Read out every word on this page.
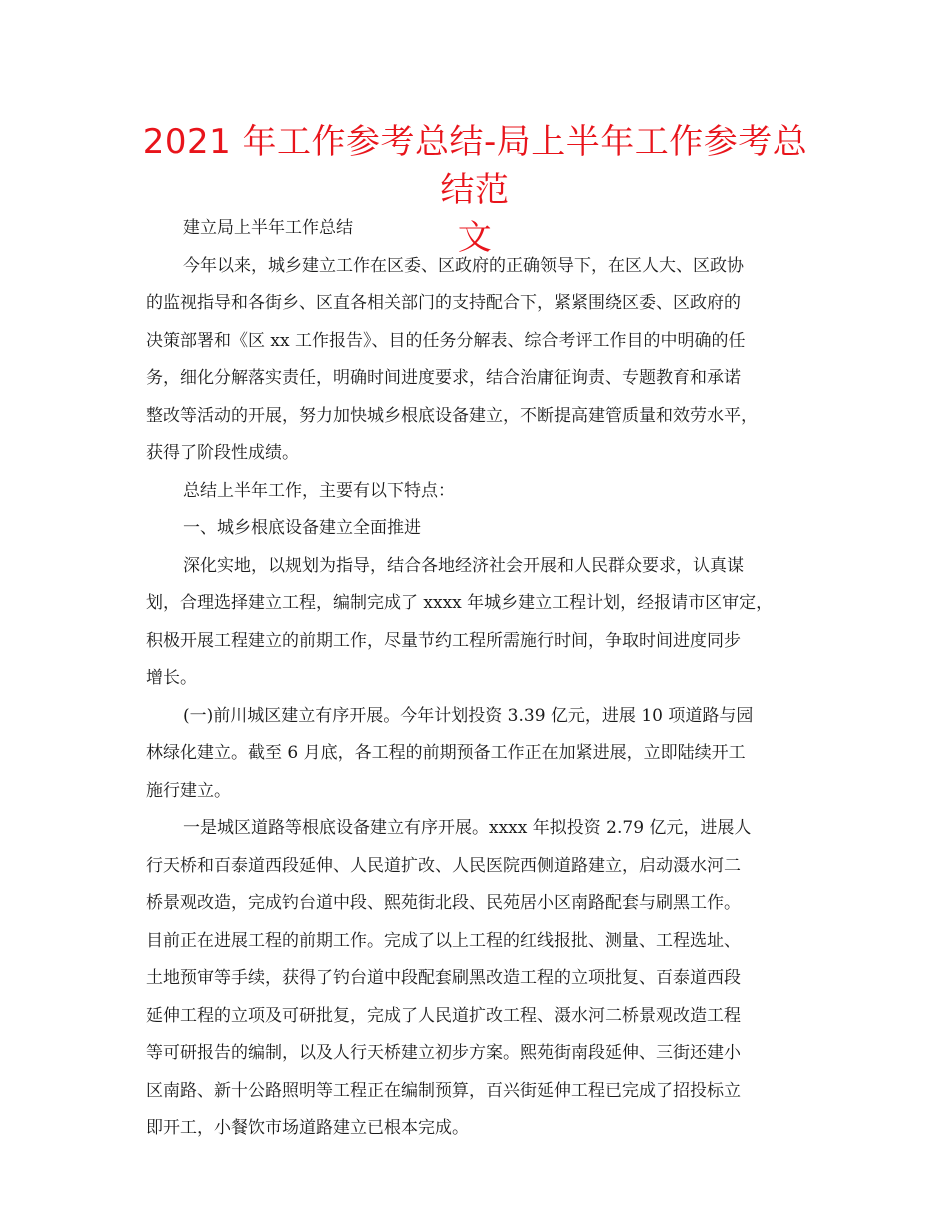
2021 年工作参考总结-局上半年工作参考总结范
文
建立局上半年工作总结
今年以来，城乡建立工作在区委、区政府的正确领导下，在区人大、区政协
的监视指导和各街乡、区直各相关部门的支持配合下，紧紧围绕区委、区政府的
决策部署和《区 xx 工作报告》、目的任务分解表、综合考评工作目的中明确的任
务，细化分解落实责任，明确时间进度要求，结合治庸征询责、专题教育和承诺
整改等活动的开展，努力加快城乡根底设备建立，不断提高建管质量和效劳水平，
获得了阶段性成绩。
总结上半年工作，主要有以下特点：
一、城乡根底设备建立全面推进
深化实地，以规划为指导，结合各地经济社会开展和人民群众要求，认真谋
划，合理选择建立工程，编制完成了 xxxx 年城乡建立工程计划，经报请市区审定，
积极开展工程建立的前期工作，尽量节约工程所需施行时间，争取时间进度同步
增长。
(一)前川城区建立有序开展。今年计划投资 3.39 亿元，进展 10 项道路与园
林绿化建立。截至 6 月底，各工程的前期预备工作正在加紧进展，立即陆续开工
施行建立。
一是城区道路等根底设备建立有序开展。xxxx 年拟投资 2.79 亿元，进展人
行天桥和百泰道西段延伸、人民道扩改、人民医院西侧道路建立，启动滠水河二
桥景观改造，完成钓台道中段、熙苑街北段、民苑居小区南路配套与刷黑工作。
目前正在进展工程的前期工作。完成了以上工程的红线报批、测量、工程选址、
土地预审等手续，获得了钓台道中段配套刷黑改造工程的立项批复、百泰道西段
延伸工程的立项及可研批复，完成了人民道扩改工程、滠水河二桥景观改造工程
等可研报告的编制，以及人行天桥建立初步方案。熙苑街南段延伸、三街还建小
区南路、新十公路照明等工程正在编制预算，百兴街延伸工程已完成了招投标立
即开工，小餐饮市场道路建立已根本完成。
